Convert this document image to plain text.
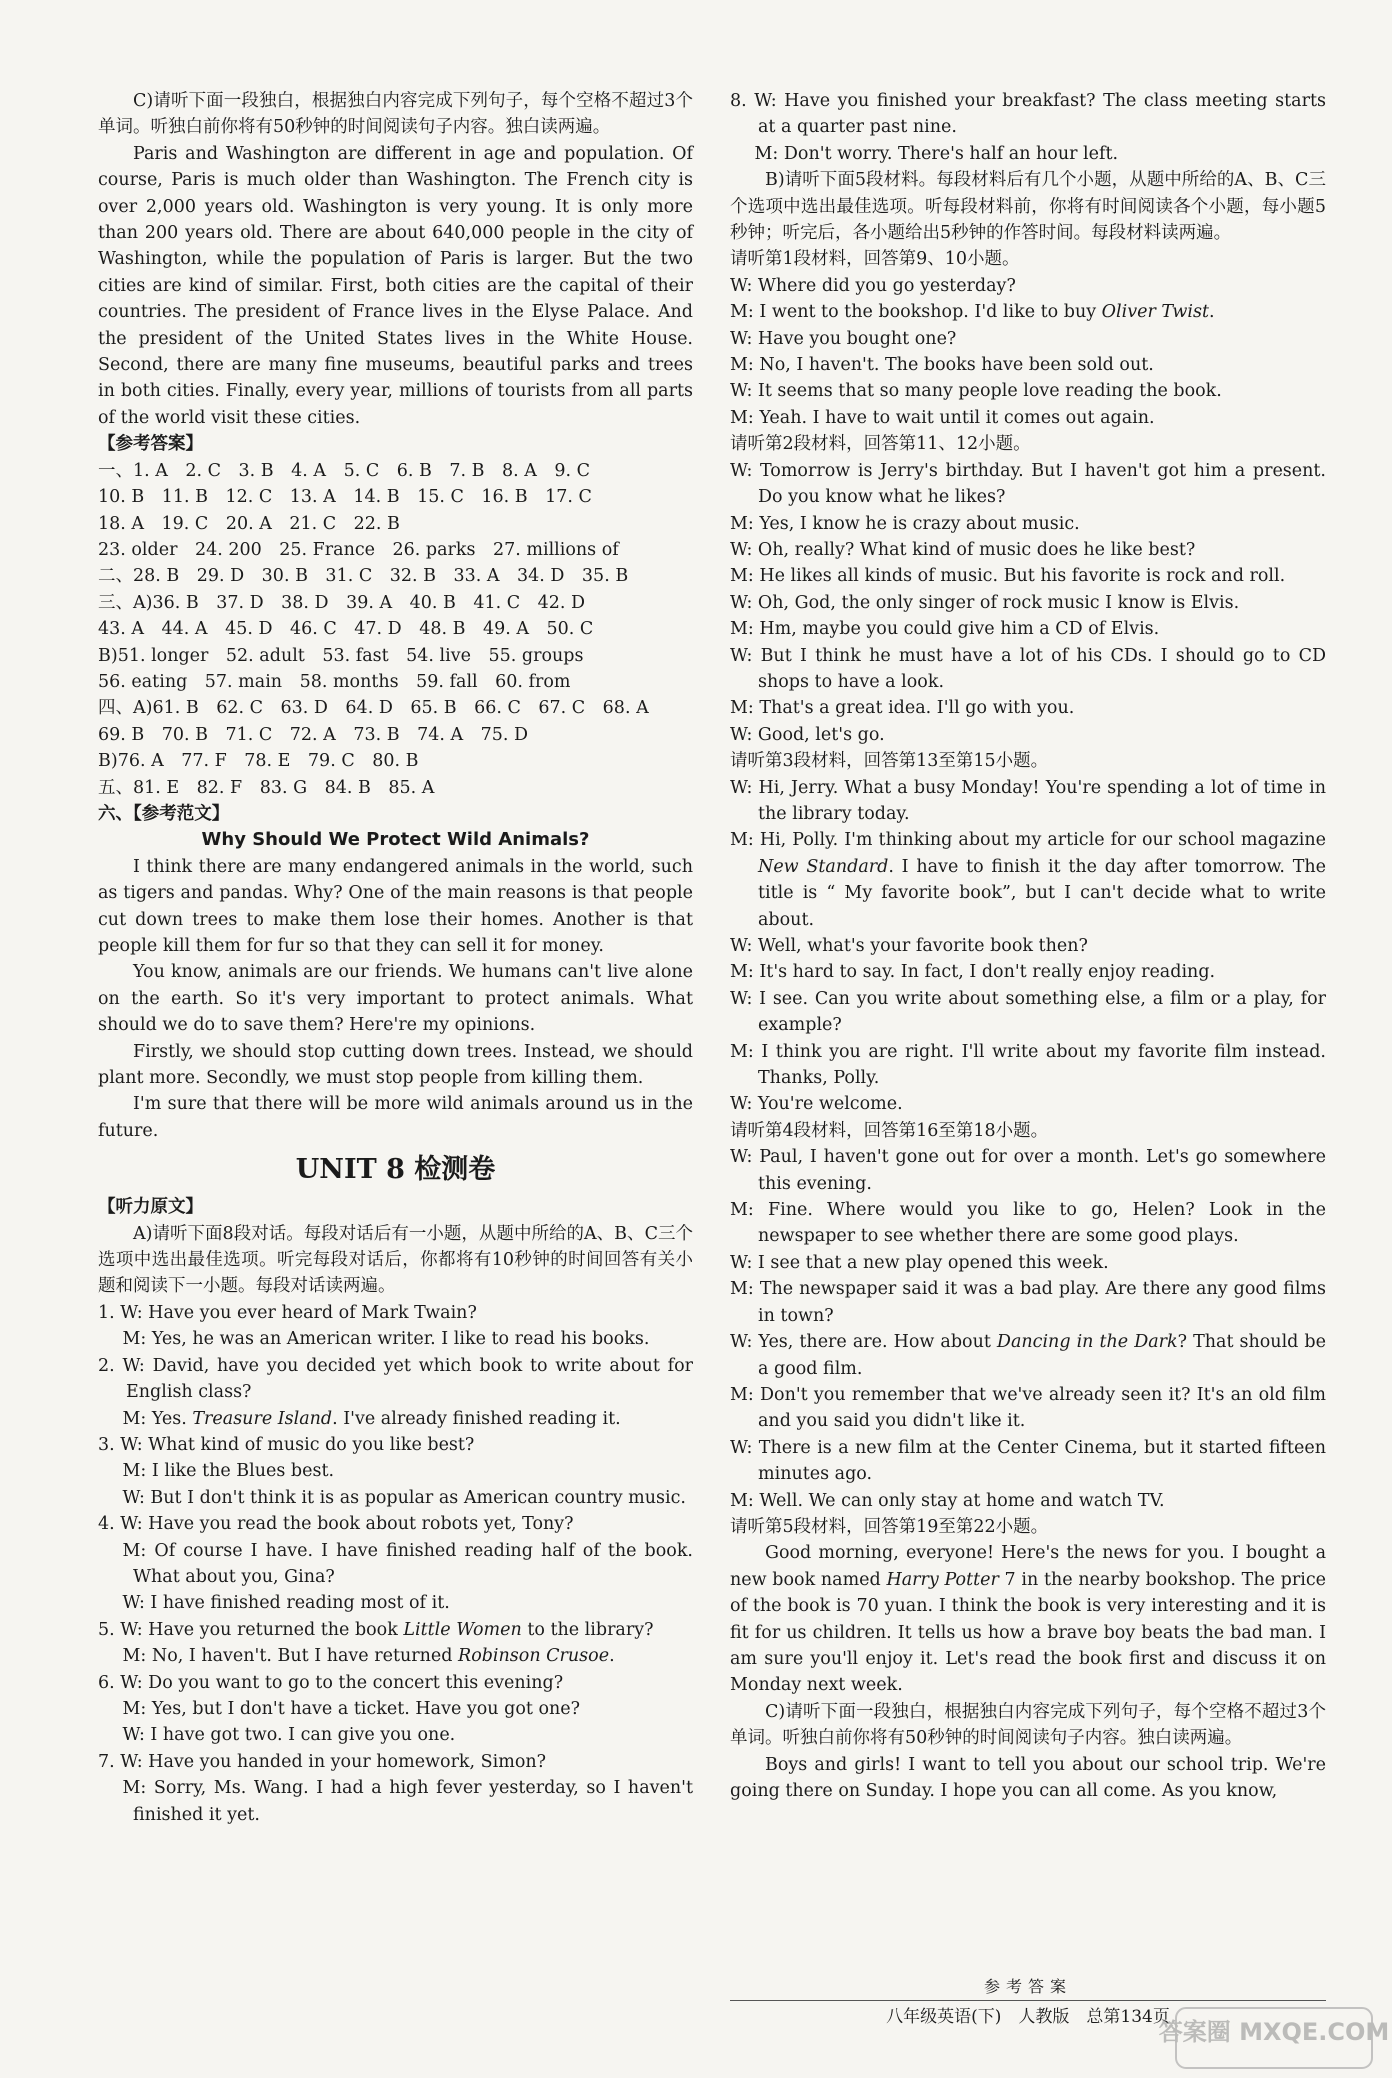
C)请听下面一段独白，根据独白内容完成下列句子，每个空格不超过3个单词。听独白前你将有50秒钟的时间阅读句子内容。独白读两遍。

Paris and Washington are different in age and population. Of course, Paris is much older than Washington. The French city is over 2,000 years old. Washington is very young. It is only more than 200 years old. There are about 640,000 people in the city of Washington, while the population of Paris is larger. But the two cities are kind of similar. First, both cities are the capital of their countries. The president of France lives in the Elyse Palace. And the president of the United States lives in the White House. Second, there are many fine museums, beautiful parks and trees in both cities. Finally, every year, millions of tourists from all parts of the world visit these cities.

【参考答案】

一、1. A　2. C　3. B　4. A　5. C　6. B　7. B　8. A　9. C

10. B　11. B　12. C　13. A　14. B　15. C　16. B　17. C

18. A　19. C　20. A　21. C　22. B

23. older　24. 200　25. France　26. parks　27. millions of

二、28. B　29. D　30. B　31. C　32. B　33. A　34. D　35. B

三、A)36. B　37. D　38. D　39. A　40. B　41. C　42. D

43. A　44. A　45. D　46. C　47. D　48. B　49. A　50. C

B)51. longer　52. adult　53. fast　54. live　55. groups

56. eating　57. main　58. months　59. fall　60. from

四、A)61. B　62. C　63. D　64. D　65. B　66. C　67. C　68. A

69. B　70. B　71. C　72. A　73. B　74. A　75. D

B)76. A　77. F　78. E　79. C　80. B

五、81. E　82. F　83. G　84. B　85. A

六、【参考范文】

Why Should We Protect Wild Animals?

I think there are many endangered animals in the world, such as tigers and pandas. Why? One of the main reasons is that people cut down trees to make them lose their homes. Another is that people kill them for fur so that they can sell it for money.

You know, animals are our friends. We humans can't live alone on the earth. So it's very important to protect animals. What should we do to save them? Here're my opinions.

Firstly, we should stop cutting down trees. Instead, we should plant more. Secondly, we must stop people from killing them.

I'm sure that there will be more wild animals around us in the future.

UNIT 8 检测卷

【听力原文】

A)请听下面8段对话。每段对话后有一小题，从题中所给的A、B、C三个选项中选出最佳选项。听完每段对话后，你都将有10秒钟的时间回答有关小题和阅读下一小题。每段对话读两遍。

1. W: Have you ever heard of Mark Twain?

M: Yes, he was an American writer. I like to read his books.

2. W: David, have you decided yet which book to write about for English class?

M: Yes. Treasure Island. I've already finished reading it.

3. W: What kind of music do you like best?

M: I like the Blues best.

W: But I don't think it is as popular as American country music.

4. W: Have you read the book about robots yet, Tony?

M: Of course I have. I have finished reading half of the book. What about you, Gina?

W: I have finished reading most of it.

5. W: Have you returned the book Little Women to the library?

M: No, I haven't. But I have returned Robinson Crusoe.

6. W: Do you want to go to the concert this evening?

M: Yes, but I don't have a ticket. Have you got one?

W: I have got two. I can give you one.

7. W: Have you handed in your homework, Simon?

M: Sorry, Ms. Wang. I had a high fever yesterday, so I haven't finished it yet.

8. W: Have you finished your breakfast? The class meeting starts at a quarter past nine.

M: Don't worry. There's half an hour left.

B)请听下面5段材料。每段材料后有几个小题，从题中所给的A、B、C三个选项中选出最佳选项。听每段材料前，你将有时间阅读各个小题，每小题5秒钟；听完后，各小题给出5秒钟的作答时间。每段材料读两遍。

请听第1段材料，回答第9、10小题。

W: Where did you go yesterday?

M: I went to the bookshop. I'd like to buy Oliver Twist.

W: Have you bought one?

M: No, I haven't. The books have been sold out.

W: It seems that so many people love reading the book.

M: Yeah. I have to wait until it comes out again.

请听第2段材料，回答第11、12小题。

W: Tomorrow is Jerry's birthday. But I haven't got him a present. Do you know what he likes?

M: Yes, I know he is crazy about music.

W: Oh, really? What kind of music does he like best?

M: He likes all kinds of music. But his favorite is rock and roll.

W: Oh, God, the only singer of rock music I know is Elvis.

M: Hm, maybe you could give him a CD of Elvis.

W: But I think he must have a lot of his CDs. I should go to CD shops to have a look.

M: That's a great idea. I'll go with you.

W: Good, let's go.

请听第3段材料，回答第13至第15小题。

W: Hi, Jerry. What a busy Monday! You're spending a lot of time in the library today.

M: Hi, Polly. I'm thinking about my article for our school magazine New Standard. I have to finish it the day after tomorrow. The title is “ My favorite book”, but I can't decide what to write about.

W: Well, what's your favorite book then?

M: It's hard to say. In fact, I don't really enjoy reading.

W: I see. Can you write about something else, a film or a play, for example?

M: I think you are right. I'll write about my favorite film instead. Thanks, Polly.

W: You're welcome.

请听第4段材料，回答第16至第18小题。

W: Paul, I haven't gone out for over a month. Let's go somewhere this evening.

M: Fine. Where would you like to go, Helen? Look in the newspaper to see whether there are some good plays.

W: I see that a new play opened this week.

M: The newspaper said it was a bad play. Are there any good films in town?

W: Yes, there are. How about Dancing in the Dark? That should be a good film.

M: Don't you remember that we've already seen it? It's an old film and you said you didn't like it.

W: There is a new film at the Center Cinema, but it started fifteen minutes ago.

M: Well. We can only stay at home and watch TV.

请听第5段材料，回答第19至第22小题。

Good morning, everyone! Here's the news for you. I bought a new book named Harry Potter 7 in the nearby bookshop. The price of the book is 70 yuan. I think the book is very interesting and it is fit for us children. It tells us how a brave boy beats the bad man. I am sure you'll enjoy it. Let's read the book first and discuss it on Monday next week.

C)请听下面一段独白，根据独白内容完成下列句子，每个空格不超过3个单词。听独白前你将有50秒钟的时间阅读句子内容。独白读两遍。

Boys and girls! I want to tell you about our school trip. We're going there on Sunday. I hope you can all come. As you know,

参考答案
八年级英语(下)　人教版　总第134页
答案圈 MXQE.COM
